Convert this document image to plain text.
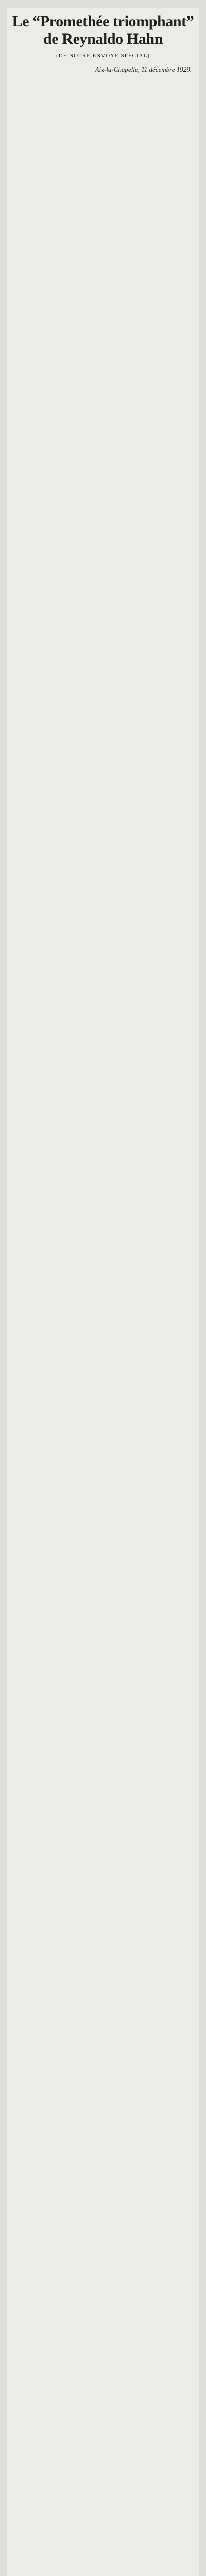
Le “Promethée triomphant”
de Reynaldo Hahn
(DE NOTRE ENVOYÉ SPÉCIAL)

Aix-la-Chapelle, 11 décembre 1929.
